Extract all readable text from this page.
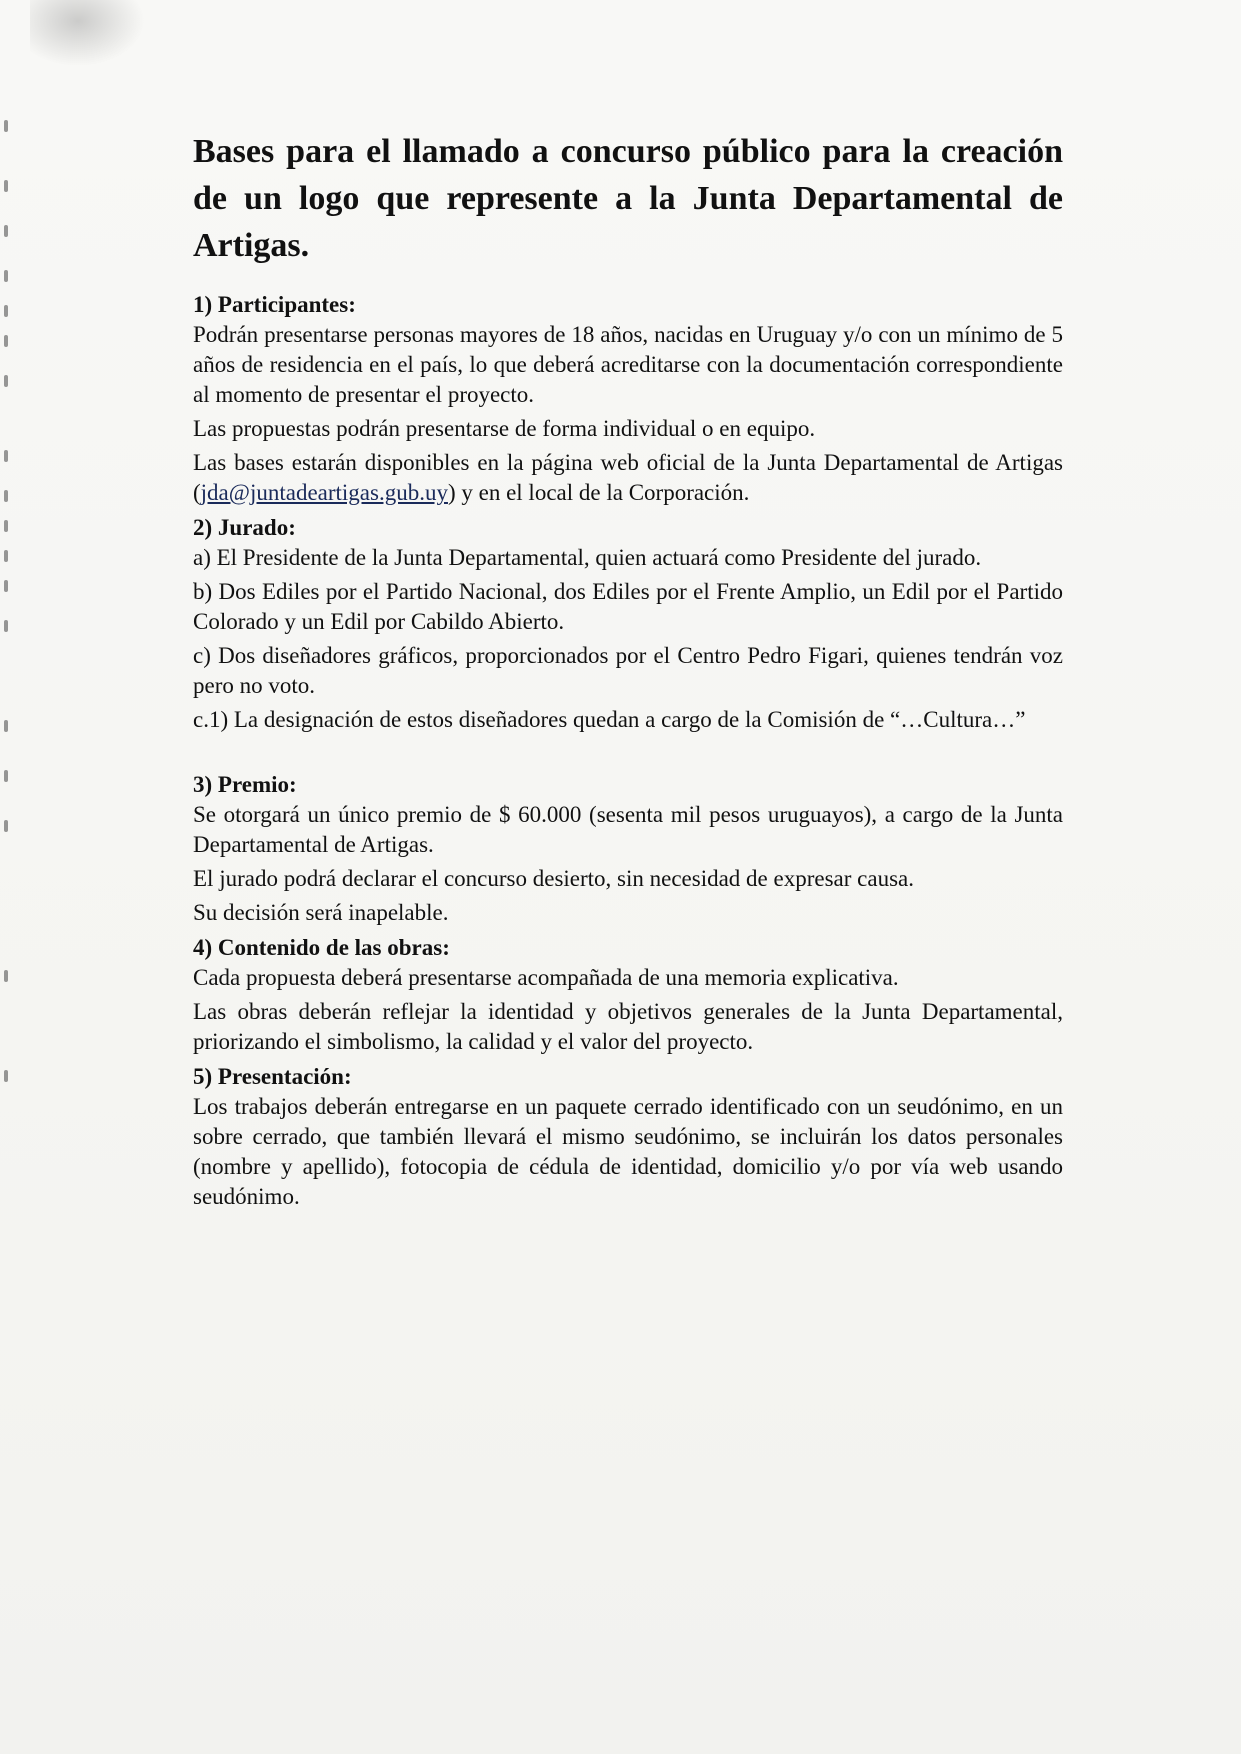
Bases para el llamado a concurso público para la creación de un logo que represente a la Junta Departamental de Artigas.

1) Participantes:

Podrán presentarse personas mayores de 18 años, nacidas en Uruguay y/o con un mínimo de 5 años de residencia en el país, lo que deberá acreditarse con la documentación correspondiente al momento de presentar el proyecto.

Las propuestas podrán presentarse de forma individual o en equipo.

Las bases estarán disponibles en la página web oficial de la Junta Departamental de Artigas (jda@juntadeartigas.gub.uy) y en el local de la Corporación.

2) Jurado:

a) El Presidente de la Junta Departamental, quien actuará como Presidente del jurado.

b) Dos Ediles por el Partido Nacional, dos Ediles por el Frente Amplio, un Edil por el Partido Colorado y un Edil por Cabildo Abierto.

c) Dos diseñadores gráficos, proporcionados por el Centro Pedro Figari, quienes tendrán voz pero no voto.

c.1) La designación de estos diseñadores quedan a cargo de la Comisión de “…Cultura…”

3) Premio:

Se otorgará un único premio de $ 60.000 (sesenta mil pesos uruguayos), a cargo de la Junta Departamental de Artigas.

El jurado podrá declarar el concurso desierto, sin necesidad de expresar causa.

Su decisión será inapelable.

4) Contenido de las obras:

Cada propuesta deberá presentarse acompañada de una memoria explicativa.

Las obras deberán reflejar la identidad y objetivos generales de la Junta Departamental, priorizando el simbolismo, la calidad y el valor del proyecto.

5) Presentación:

Los trabajos deberán entregarse en un paquete cerrado identificado con un seudónimo, en un sobre cerrado, que también llevará el mismo seudónimo, se incluirán los datos personales (nombre y apellido), fotocopia de cédula de identidad, domicilio y/o por vía web usando seudónimo.
